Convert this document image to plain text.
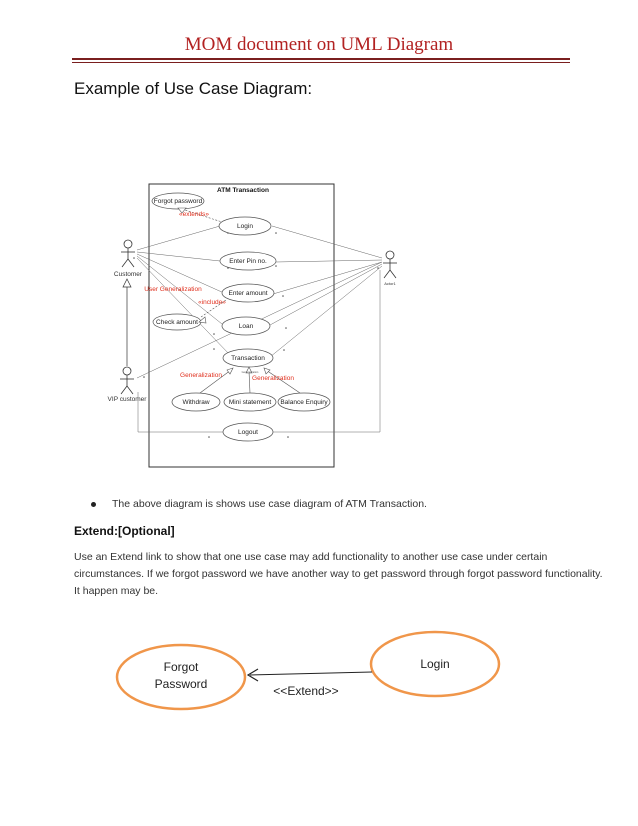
MOM document on UML Diagram
Example of Use Case Diagram:
ATM Transaction
Customer
VIP customer
Actor1
Forgot password
Login
Enter Pin no.
Enter amount
Check amount
Loan
Transaction
Withdraw	Mini statement Balance Enquiry
Logout
«extends»
User Generalization
«include»
Generalization	Generalization
Generalization
Forgot
Password
Login
<<Extend>>
The above diagram is shows use case diagram of ATM Transaction.
Extend:[Optional]
Use an Extend link to show that one use case may add functionality to another use case under certain
circumstances. If we forgot password we have another way to get password through forgot password functionality.
It happen may be.
